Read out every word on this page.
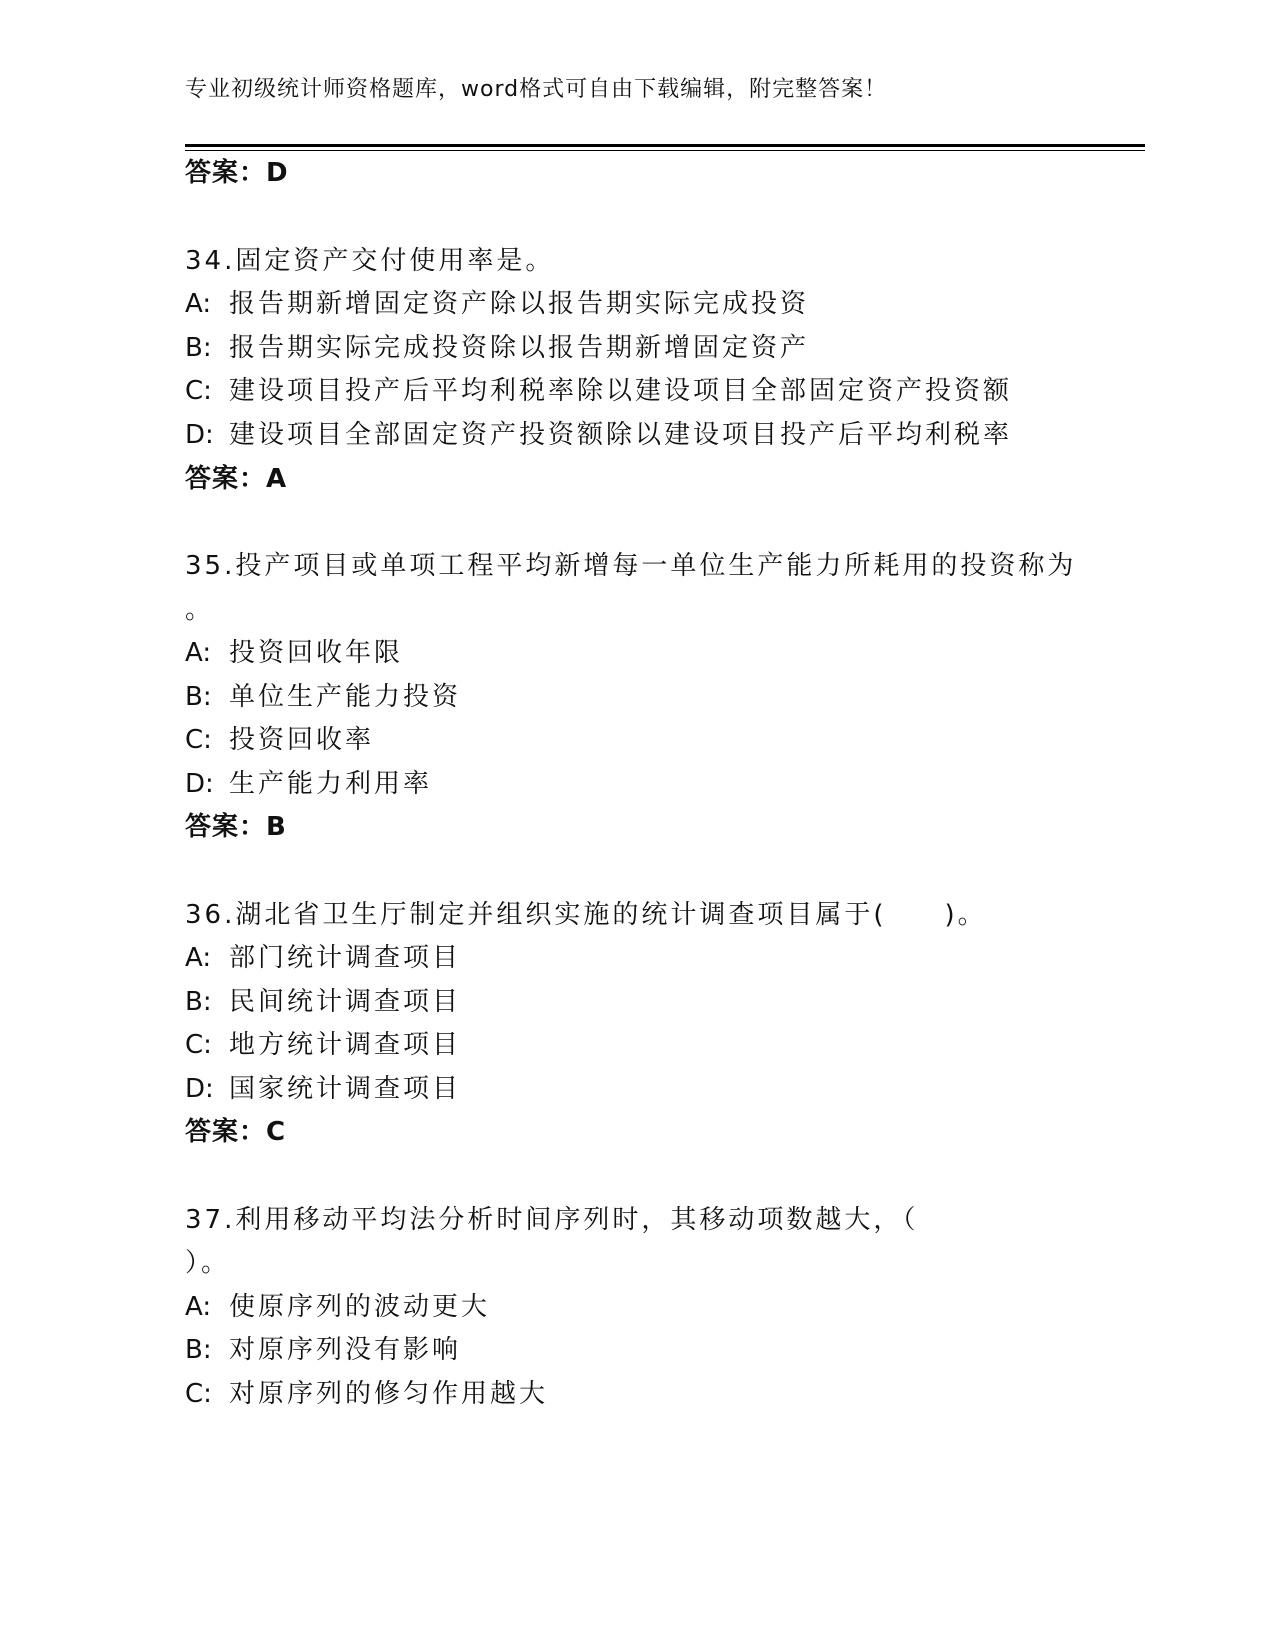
专业初级统计师资格题库，word格式可自由下载编辑，附完整答案！
答案：D
34.固定资产交付使用率是。
A: 报告期新增固定资产除以报告期实际完成投资
B: 报告期实际完成投资除以报告期新增固定资产
C: 建设项目投产后平均利税率除以建设项目全部固定资产投资额
D: 建设项目全部固定资产投资额除以建设项目投产后平均利税率
答案：A
35.投产项目或单项工程平均新增每一单位生产能力所耗用的投资称为
。
A: 投资回收年限
B: 单位生产能力投资
C: 投资回收率
D: 生产能力利用率
答案：B
36.湖北省卫生厅制定并组织实施的统计调查项目属于(　　)。
A: 部门统计调查项目
B: 民间统计调查项目
C: 地方统计调查项目
D: 国家统计调查项目
答案：C
37.利用移动平均法分析时间序列时，其移动项数越大，（
）。
A: 使原序列的波动更大
B: 对原序列没有影响
C: 对原序列的修匀作用越大
